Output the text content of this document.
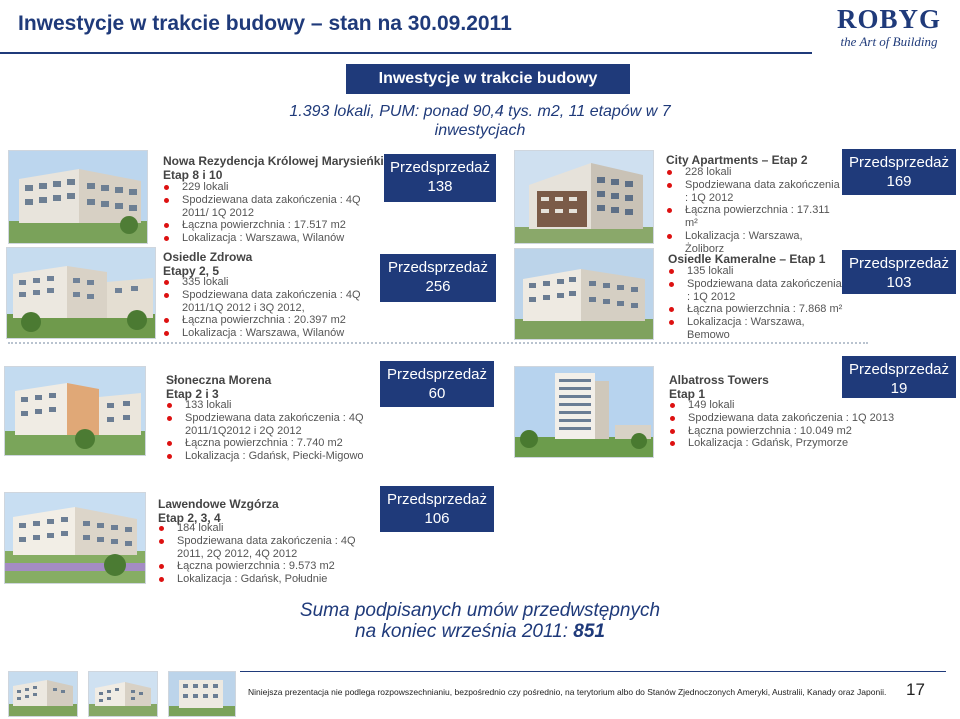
Inwestycje w trakcie budowy – stan na 30.09.2011	ROBYG
the Art of Building
Inwestycje w trakcie budowy
1.393 lokali, PUM: ponad 90,4 tys. m2, 11 etapów w 7
inwestycjach
Nowa Rezydencja Królowej Marysieńki
Etap 8 i 10
229 lokali
Spodziewana data zakończenia : 4Q 2011/ 1Q 2012
Łączna powierzchnia : 17.517 m2
Lokalizacja : Warszawa, Wilanów
Przedsprzedaż
138
Osiedle Zdrowa
Etapy 2, 5
335 lokali
Spodziewana data zakończenia : 4Q 2011/1Q 2012 i 3Q 2012,
Łączna powierzchnia : 20.397 m2
Lokalizacja : Warszawa, Wilanów
Przedsprzedaż
256
City Apartments – Etap 2
228 lokali
Spodziewana data zakończenia : 1Q 2012
Łączna powierzchnia : 17.311 m²
Lokalizacja : Warszawa, Żoliborz
Przedsprzedaż
169
Osiedle Kameralne – Etap 1
135 lokali
Spodziewana data zakończenia : 1Q 2012
Łączna powierzchnia : 7.868 m²
Lokalizacja : Warszawa, Bemowo
Przedsprzedaż
103
Słoneczna Morena
Etap 2 i 3
133 lokali
Spodziewana data zakończenia : 4Q 2011/1Q2012 i 2Q 2012
Łączna powierzchnia : 7.740 m2
Lokalizacja : Gdańsk, Piecki-Migowo
Przedsprzedaż
60
Albatross Towers
Etap 1
149 lokali
Spodziewana data zakończenia : 1Q 2013
Łączna powierzchnia : 10.049 m2
Lokalizacja : Gdańsk, Przymorze
Przedsprzedaż
19
Lawendowe Wzgórza
Etap 2, 3, 4
184 lokali
Spodziewana data zakończenia : 4Q 2011, 2Q 2012, 4Q 2012
Łączna powierzchnia : 9.573 m2
Lokalizacja : Gdańsk, Południe
Przedsprzedaż
106
Suma podpisanych umów przedwstępnych
na koniec września 2011: 851
Niniejsza prezentacja nie podlega rozpowszechnianiu, bezpośrednio czy pośrednio, na terytorium albo do Stanów Zjednoczonych Ameryki, Australii, Kanady oraz Japonii. 17
